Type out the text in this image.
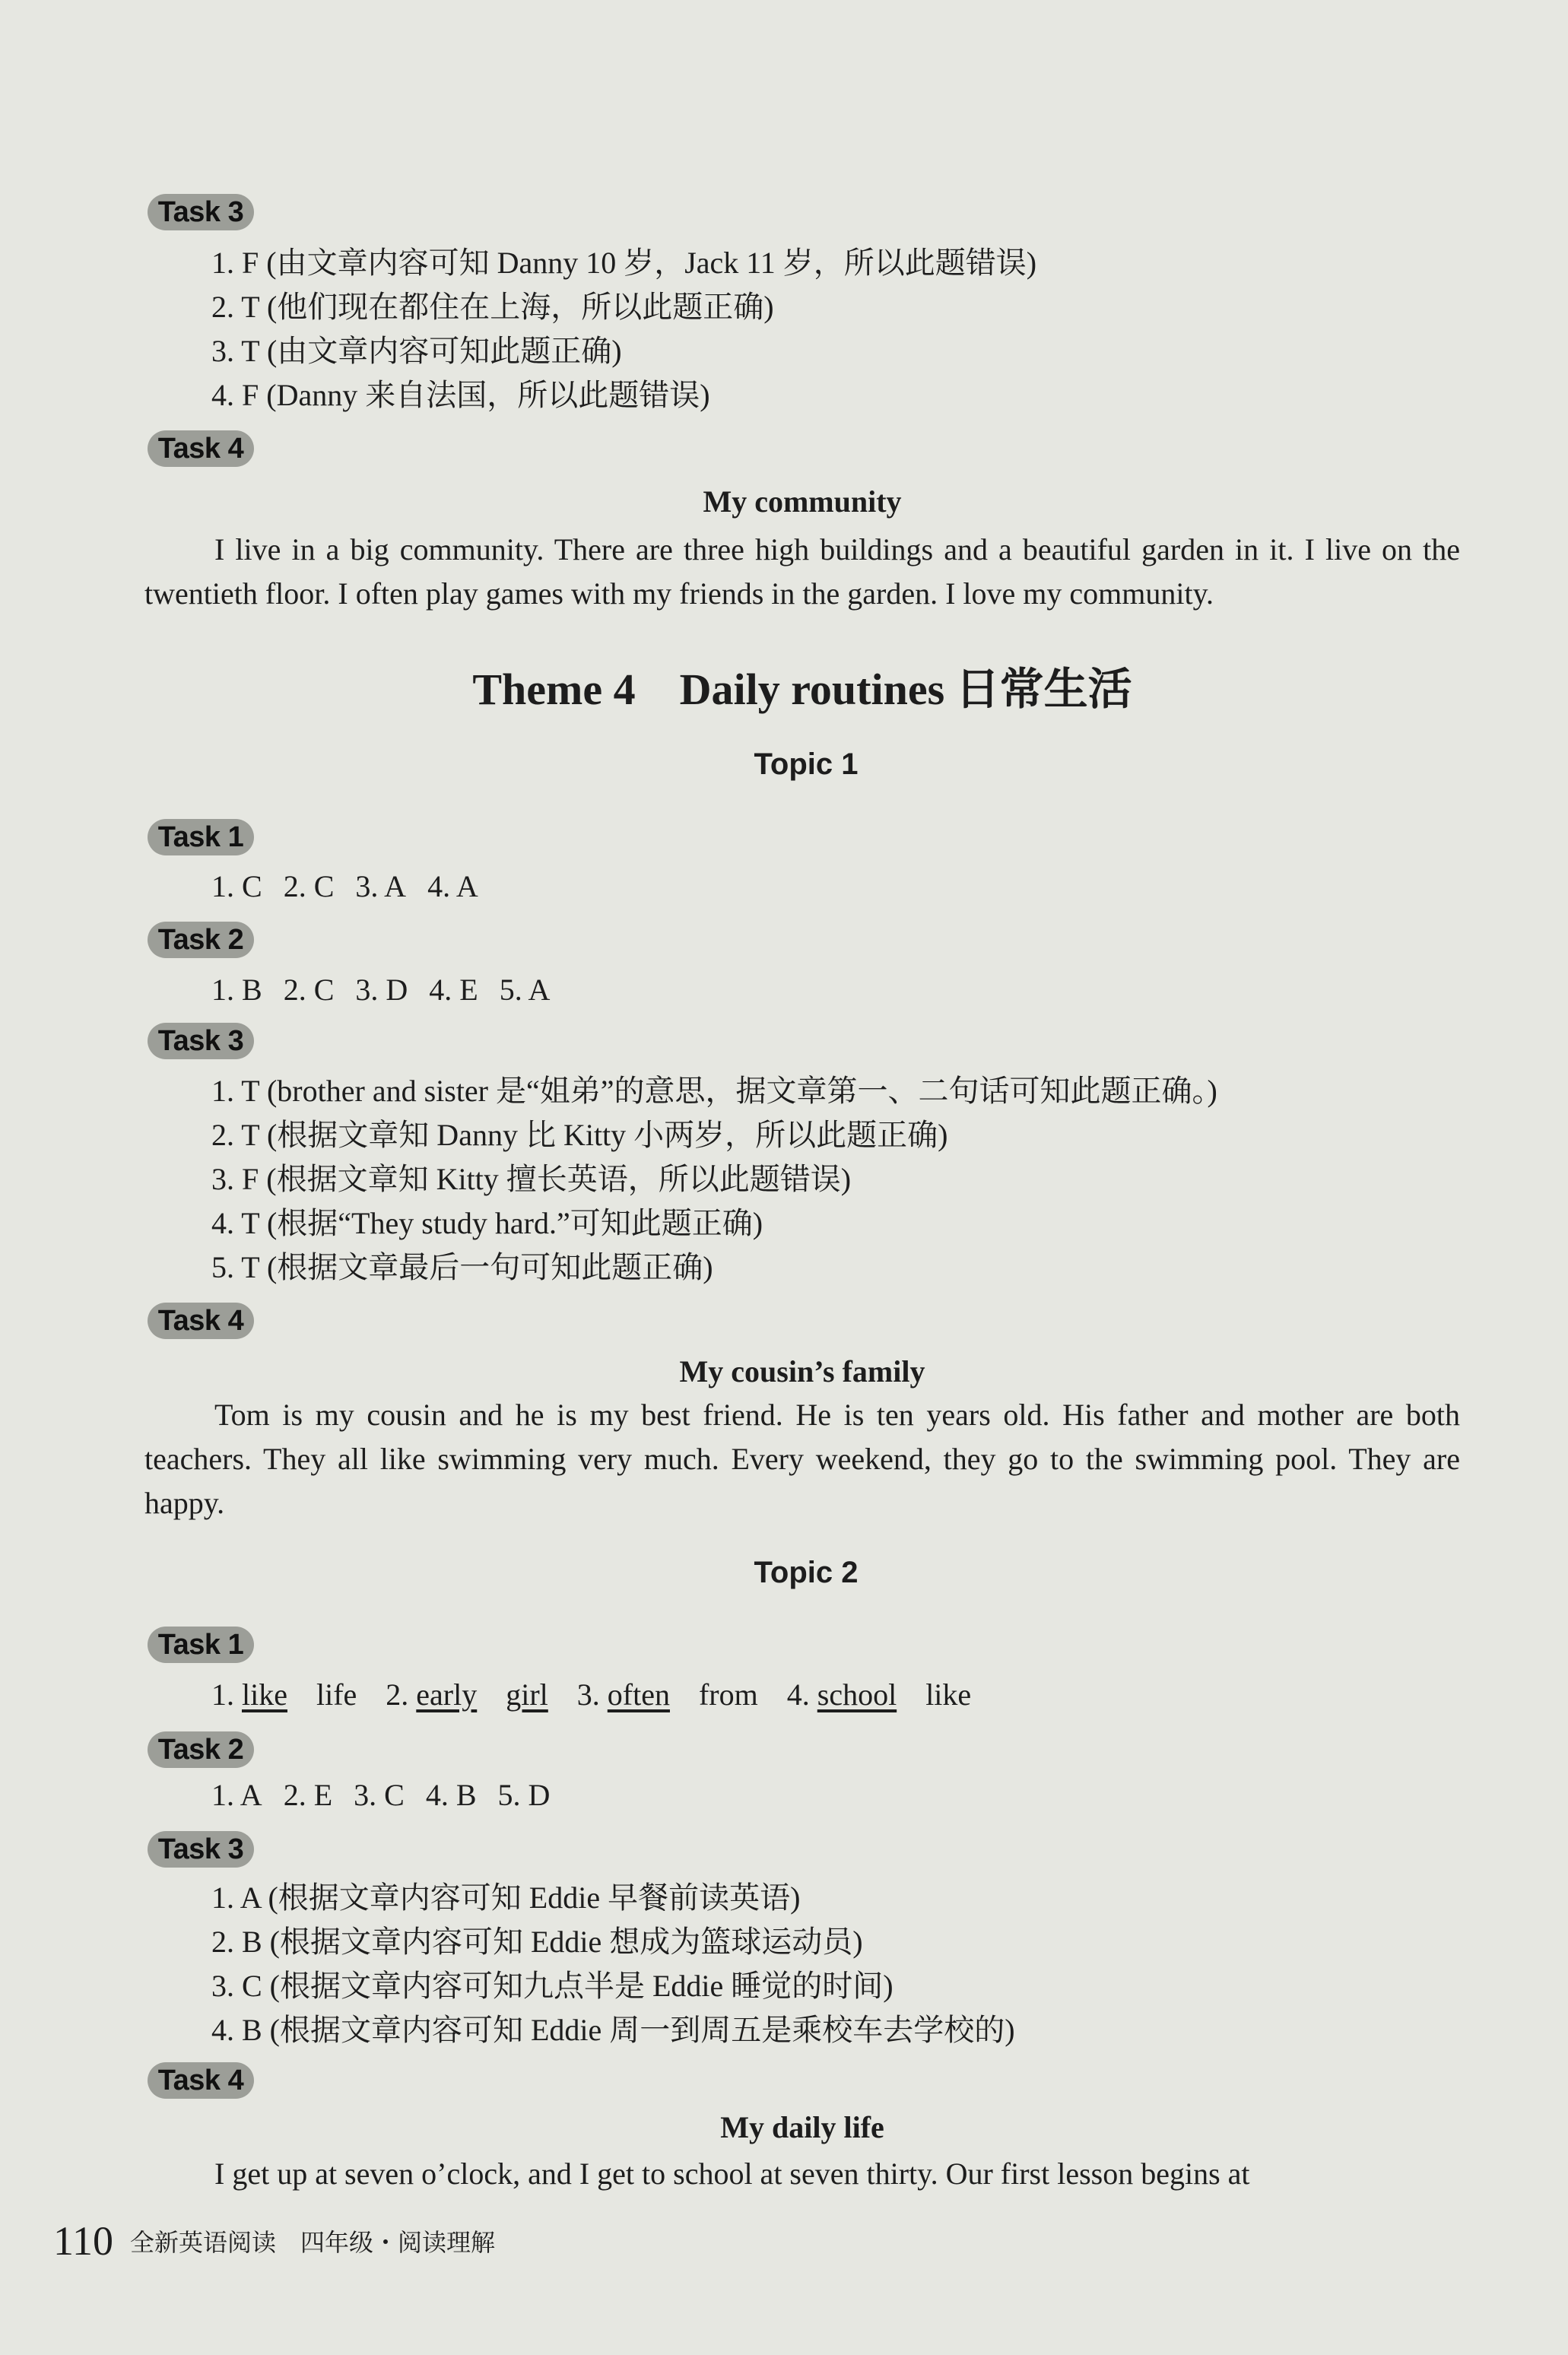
Task 3
1. F (由文章内容可知 Danny 10 岁，Jack 11 岁，所以此题错误)
2. T (他们现在都住在上海，所以此题正确)
3. T (由文章内容可知此题正确)
4. F (Danny 来自法国，所以此题错误)
Task 4
My community
I live in a big community. There are three high buildings and a beautiful garden in it. I live on the twentieth floor. I often play games with my friends in the garden. I love my community.
Theme 4　Daily routines 日常生活
Topic 1
Task 1
1. C 2. C 3. A 4. A
Task 2
1. B 2. C 3. D 4. E 5. A
Task 3
1. T (brother and sister 是“姐弟”的意思，据文章第一、二句话可知此题正确。)
2. T (根据文章知 Danny 比 Kitty 小两岁，所以此题正确)
3. F (根据文章知 Kitty 擅长英语，所以此题错误)
4. T (根据“They study hard.”可知此题正确)
5. T (根据文章最后一句可知此题正确)
Task 4
My cousin’s family
Tom is my cousin and he is my best friend. He is ten years old. His father and mother are both teachers. They all like swimming very much. Every weekend, they go to the swimming pool. They are happy.
Topic 2
Task 1
1. like life 2. early girl 3. often from 4. school like
Task 2
1. A 2. E 3. C 4. B 5. D
Task 3
1. A (根据文章内容可知 Eddie 早餐前读英语)
2. B (根据文章内容可知 Eddie 想成为篮球运动员)
3. C (根据文章内容可知九点半是 Eddie 睡觉的时间)
4. B (根据文章内容可知 Eddie 周一到周五是乘校车去学校的)
Task 4
My daily life
I get up at seven o’clock, and I get to school at seven thirty. Our first lesson begins at
110 全新英语阅读　四年级・阅读理解
